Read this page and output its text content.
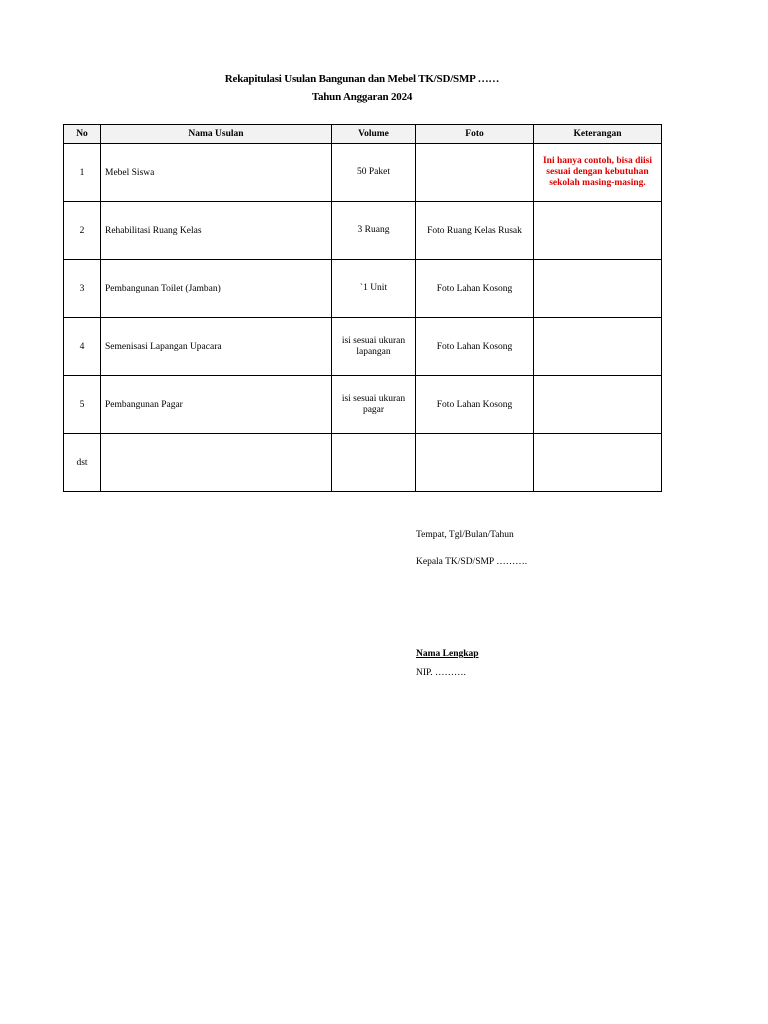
Rekapitulasi Usulan Bangunan dan Mebel TK/SD/SMP ……
Tahun Anggaran 2024
No	Nama Usulan	Volume	Foto	Keterangan
1	Mebel Siswa	50 Paket		Ini hanya contoh, bisa diisi sesuai dengan kebutuhan sekolah masing-masing.
2	Rehabilitasi Ruang Kelas	3 Ruang	Foto Ruang Kelas Rusak	
3	Pembangunan Toilet (Jamban)	`1 Unit	Foto Lahan Kosong	
4	Semenisasi Lapangan Upacara	isi sesuai ukuran lapangan	Foto Lahan Kosong	
5	Pembangunan Pagar	isi sesuai ukuran pagar	Foto Lahan Kosong	
dst				
Tempat, Tgl/Bulan/Tahun
Kepala TK/SD/SMP ……….
Nama Lengkap
NIP. ……….
